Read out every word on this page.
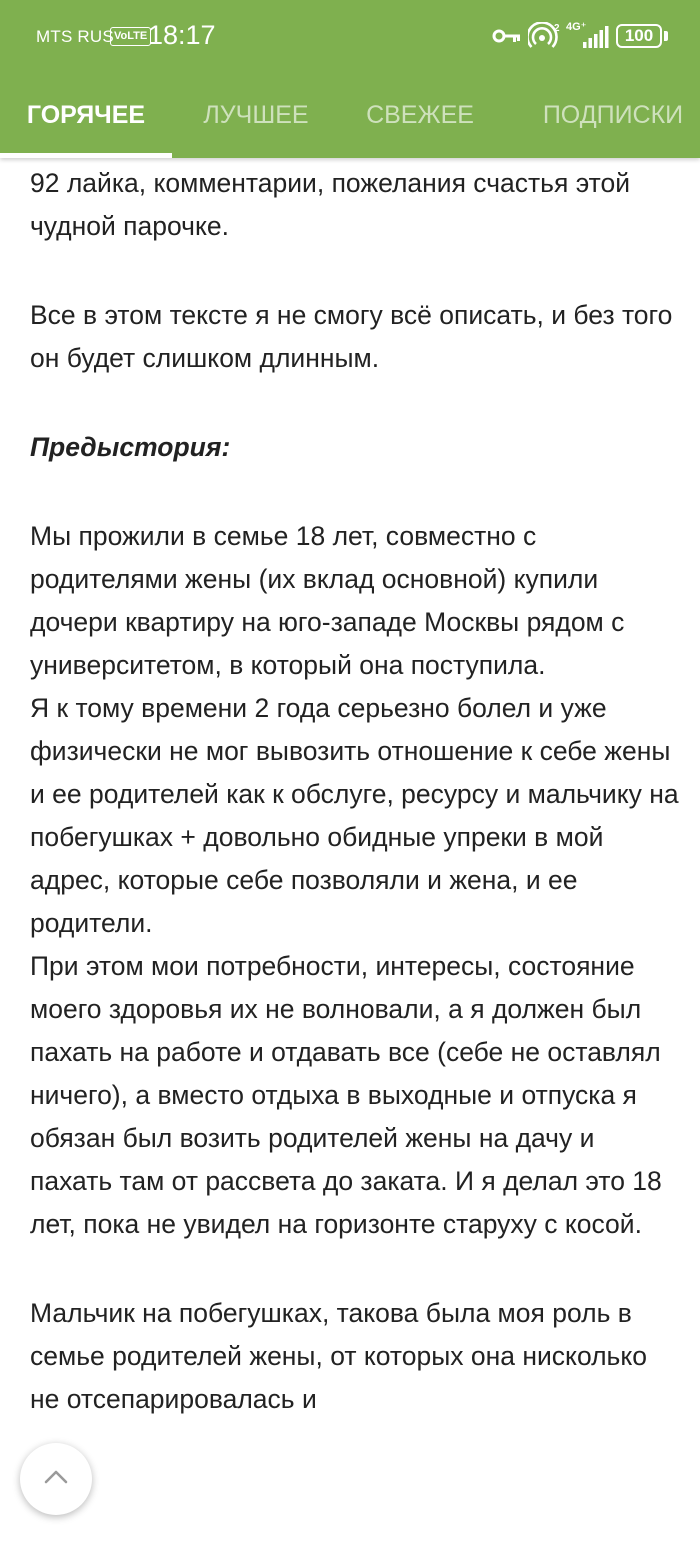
MTS RUS VoLTE 18:17	2 4G⁺	100
ГОРЯЧЕЕ	ЛУЧШЕЕ	СВЕЖЕЕ	ПОДПИСКИ

92 лайка, комментарии, пожелания счастья этой чудной парочке.

Все в этом тексте я не смогу всё описать, и без того он будет слишком длинным.

Предыстория:

Мы прожили в семье 18 лет, совместно с родителями жены (их вклад основной) купили дочери квартиру на юго-западе Москвы рядом с университетом, в который она поступила.

Я к тому времени 2 года серьезно болел и уже физически не мог вывозить отношение к себе жены и ее родителей как к обслуге, ресурсу и мальчику на побегушках + довольно обидные упреки в мой адрес, которые себе позволяли и жена, и ее родители.

При этом мои потребности, интересы, состояние моего здоровья их не волновали, а я должен был пахать на работе и отдавать все (себе не оставлял ничего), а вместо отдыха в выходные и отпуска я обязан был возить родителей жены на дачу и пахать там от рассвета до заката. И я делал это 18 лет, пока не увидел на горизонте старуху с косой.

Мальчик на побегушках, такова была моя роль в семье родителей жены, от которых она нисколько не отсепарировалась и
